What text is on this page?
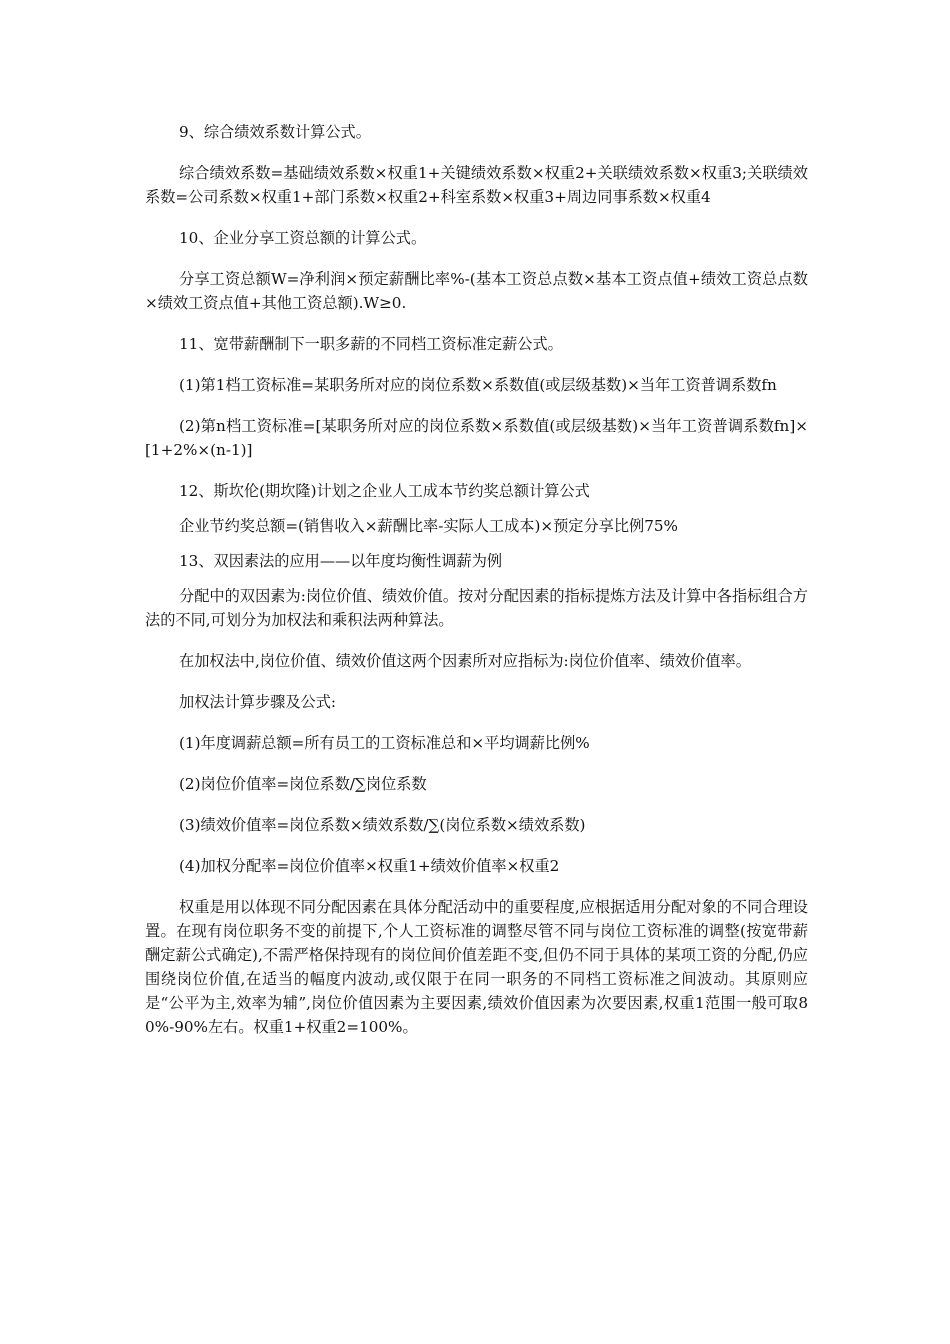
9、综合绩效系数计算公式。

综合绩效系数=基础绩效系数×权重1+关键绩效系数×权重2+关联绩效系数×权重3;关联绩效系数=公司系数×权重1+部门系数×权重2+科室系数×权重3+周边同事系数×权重4

10、企业分享工资总额的计算公式。

分享工资总额W=净利润×预定薪酬比率%-(基本工资总点数×基本工资点值+绩效工资总点数×绩效工资点值+其他工资总额).W≥0.

11、宽带薪酬制下一职多薪的不同档工资标准定薪公式。

(1)第1档工资标准=某职务所对应的岗位系数×系数值(或层级基数)×当年工资普调系数fn

(2)第n档工资标准=[某职务所对应的岗位系数×系数值(或层级基数)×当年工资普调系数fn]×[1+2%×(n-1)]

12、斯坎伦(期坎隆)计划之企业人工成本节约奖总额计算公式

企业节约奖总额=(销售收入×薪酬比率-实际人工成本)×预定分享比例75%

13、双因素法的应用——以年度均衡性调薪为例

分配中的双因素为:岗位价值、绩效价值。按对分配因素的指标提炼方法及计算中各指标组合方法的不同,可划分为加权法和乘积法两种算法。

在加权法中,岗位价值、绩效价值这两个因素所对应指标为:岗位价值率、绩效价值率。

加权法计算步骤及公式:

(1)年度调薪总额=所有员工的工资标准总和×平均调薪比例%

(2)岗位价值率=岗位系数/∑岗位系数

(3)绩效价值率=岗位系数×绩效系数/∑(岗位系数×绩效系数)

(4)加权分配率=岗位价值率×权重1+绩效价值率×权重2

权重是用以体现不同分配因素在具体分配活动中的重要程度,应根据适用分配对象的不同合理设置。在现有岗位职务不变的前提下,个人工资标准的调整尽管不同与岗位工资标准的调整(按宽带薪酬定薪公式确定),不需严格保持现有的岗位间价值差距不变,但仍不同于具体的某项工资的分配,仍应围绕岗位价值,在适当的幅度内波动,或仅限于在同一职务的不同档工资标准之间波动。其原则应是“公平为主,效率为辅”,岗位价值因素为主要因素,绩效价值因素为次要因素,权重1范围一般可取80%-90%左右。权重1+权重2=100%。
